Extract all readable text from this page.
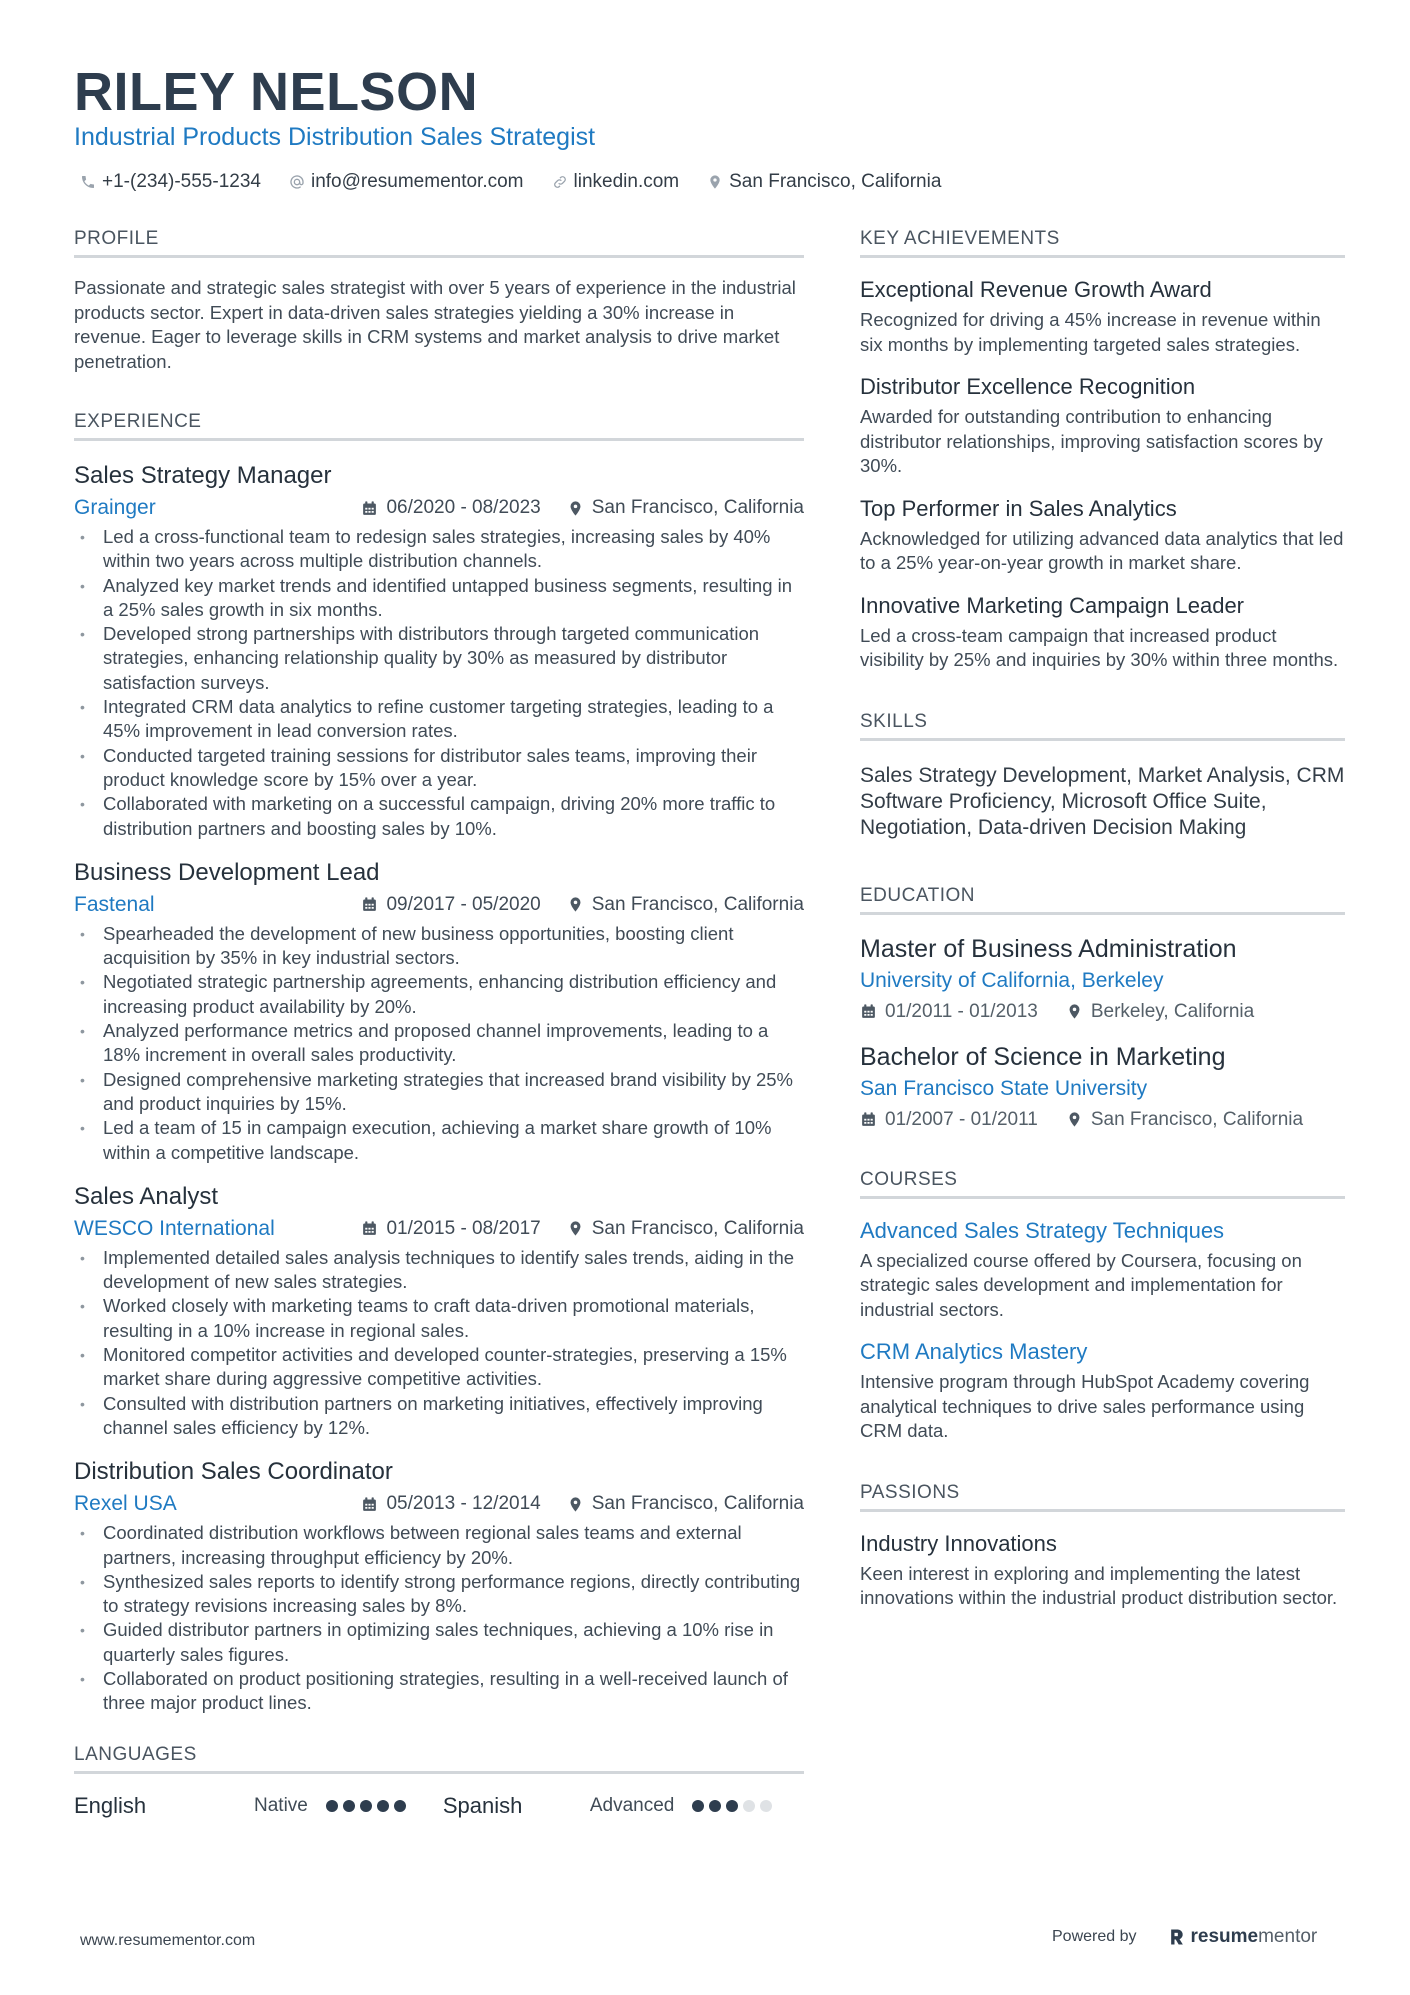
RILEY NELSON
Industrial Products Distribution Sales Strategist
+1-(234)-555-1234	info@resumementor.com	linkedin.com	San Francisco, California
PROFILE

Passionate and strategic sales strategist with over 5 years of experience in the industrial products sector. Expert in data-driven sales strategies yielding a 30% increase in revenue. Eager to leverage skills in CRM systems and market analysis to drive market penetration.

EXPERIENCE
Sales Strategy Manager
Grainger	06/2020 - 08/2023	San Francisco, California
• Led a cross-functional team to redesign sales strategies, increasing sales by 40% within two years across multiple distribution channels.
• Analyzed key market trends and identified untapped business segments, resulting in a 25% sales growth in six months.
• Developed strong partnerships with distributors through targeted communication strategies, enhancing relationship quality by 30% as measured by distributor satisfaction surveys.
• Integrated CRM data analytics to refine customer targeting strategies, leading to a 45% improvement in lead conversion rates.
• Conducted targeted training sessions for distributor sales teams, improving their product knowledge score by 15% over a year.
• Collaborated with marketing on a successful campaign, driving 20% more traffic to distribution partners and boosting sales by 10%.
Business Development Lead
Fastenal	09/2017 - 05/2020	San Francisco, California
• Spearheaded the development of new business opportunities, boosting client acquisition by 35% in key industrial sectors.
• Negotiated strategic partnership agreements, enhancing distribution efficiency and increasing product availability by 20%.
• Analyzed performance metrics and proposed channel improvements, leading to a 18% increment in overall sales productivity.
• Designed comprehensive marketing strategies that increased brand visibility by 25% and product inquiries by 15%.
• Led a team of 15 in campaign execution, achieving a market share growth of 10% within a competitive landscape.
Sales Analyst
WESCO International	01/2015 - 08/2017	San Francisco, California
• Implemented detailed sales analysis techniques to identify sales trends, aiding in the development of new sales strategies.
• Worked closely with marketing teams to craft data-driven promotional materials, resulting in a 10% increase in regional sales.
• Monitored competitor activities and developed counter-strategies, preserving a 15% market share during aggressive competitive activities.
• Consulted with distribution partners on marketing initiatives, effectively improving channel sales efficiency by 12%.
Distribution Sales Coordinator
Rexel USA	05/2013 - 12/2014	San Francisco, California
• Coordinated distribution workflows between regional sales teams and external partners, increasing throughput efficiency by 20%.
• Synthesized sales reports to identify strong performance regions, directly contributing to strategy revisions increasing sales by 8%.
• Guided distributor partners in optimizing sales techniques, achieving a 10% rise in quarterly sales figures.
• Collaborated on product positioning strategies, resulting in a well-received launch of three major product lines.
LANGUAGES
English	Native	Spanish	Advanced
KEY ACHIEVEMENTS
Exceptional Revenue Growth Award
Recognized for driving a 45% increase in revenue within six months by implementing targeted sales strategies.
Distributor Excellence Recognition
Awarded for outstanding contribution to enhancing distributor relationships, improving satisfaction scores by 30%.
Top Performer in Sales Analytics
Acknowledged for utilizing advanced data analytics that led to a 25% year-on-year growth in market share.
Innovative Marketing Campaign Leader
Led a cross-team campaign that increased product visibility by 25% and inquiries by 30% within three months.
SKILLS

Sales Strategy Development, Market Analysis, CRM Software Proficiency, Microsoft Office Suite, Negotiation, Data-driven Decision Making

EDUCATION
Master of Business Administration
University of California, Berkeley
01/2011 - 01/2013	Berkeley, California
Bachelor of Science in Marketing
San Francisco State University
01/2007 - 01/2011	San Francisco, California
COURSES
Advanced Sales Strategy Techniques
A specialized course offered by Coursera, focusing on strategic sales development and implementation for industrial sectors.
CRM Analytics Mastery
Intensive program through HubSpot Academy covering analytical techniques to drive sales performance using CRM data.
PASSIONS
Industry Innovations
Keen interest in exploring and implementing the latest innovations within the industrial product distribution sector.
www.resumementor.com	Powered by	resume mentor
